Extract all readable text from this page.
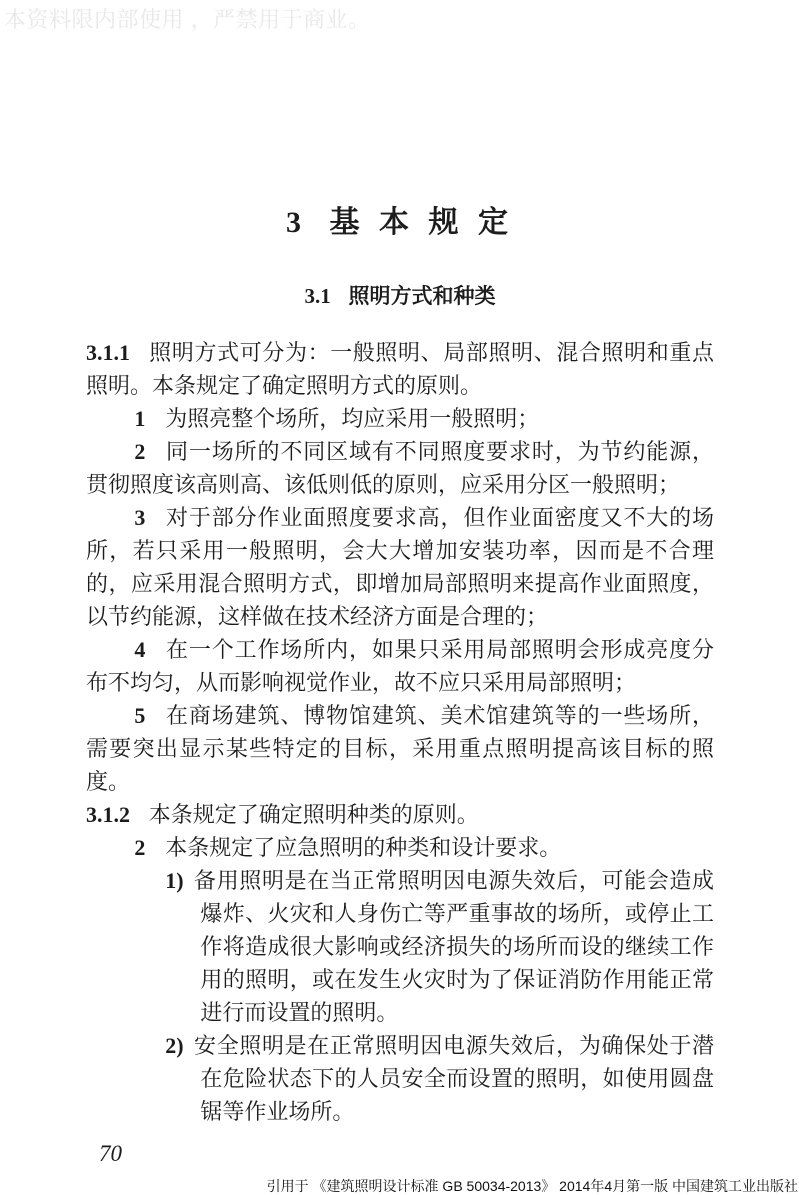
本资料限内部使用 ，严禁用于商业。
3 基 本 规 定
3.1 照明方式和种类

3.1.1 照明方式可分为：一般照明、局部照明、混合照明和重点照明。本条规定了确定照明方式的原则。

1 为照亮整个场所，均应采用一般照明；

2 同一场所的不同区域有不同照度要求时，为节约能源，贯彻照度该高则高、该低则低的原则，应采用分区一般照明；

3 对于部分作业面照度要求高，但作业面密度又不大的场所，若只采用一般照明，会大大增加安装功率，因而是不合理的，应采用混合照明方式，即增加局部照明来提高作业面照度，以节约能源，这样做在技术经济方面是合理的；

4 在一个工作场所内，如果只采用局部照明会形成亮度分布不均匀，从而影响视觉作业，故不应只采用局部照明；

5 在商场建筑、博物馆建筑、美术馆建筑等的一些场所，需要突出显示某些特定的目标，采用重点照明提高该目标的照度。

3.1.2 本条规定了确定照明种类的原则。

2 本条规定了应急照明的种类和设计要求。

1) 备用照明是在当正常照明因电源失效后，可能会造成爆炸、火灾和人身伤亡等严重事故的场所，或停止工作将造成很大影响或经济损失的场所而设的继续工作用的照明，或在发生火灾时为了保证消防作用能正常进行而设置的照明。

2) 安全照明是在正常照明因电源失效后，为确保处于潜在危险状态下的人员安全而设置的照明，如使用圆盘锯等作业场所。

70
引用于 《建筑照明设计标准 GB 50034-2013》 2014年4月第一版 中国建筑工业出版社
